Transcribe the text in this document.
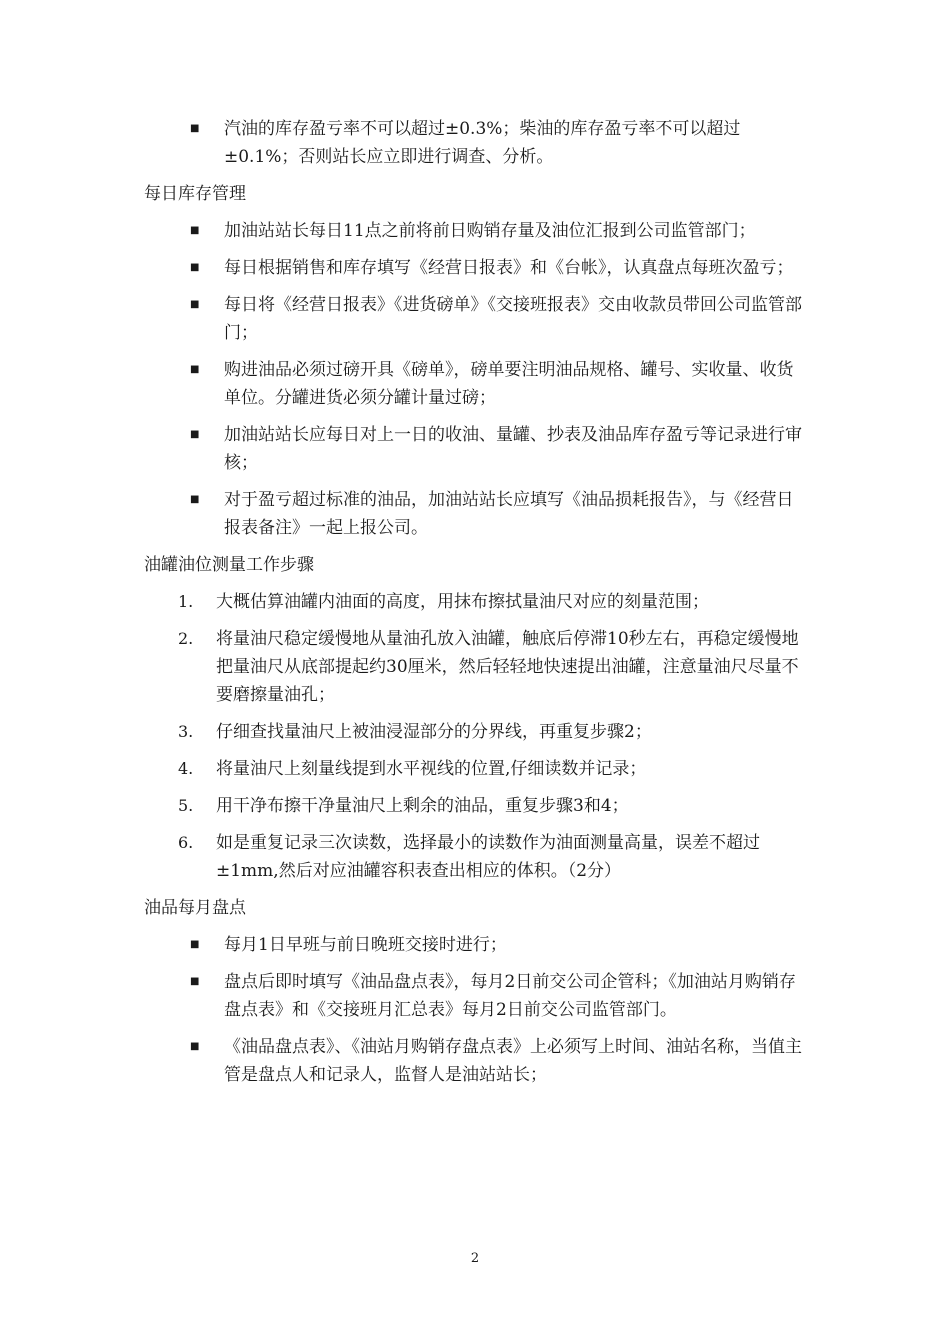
■	汽油的库存盈亏率不可以超过±0.3%；柴油的库存盈亏率不可以超过±0.1%；否则站长应立即进行调查、分析。
每日库存管理
■	加油站站长每日11点之前将前日购销存量及油位汇报到公司监管部门；
■	每日根据销售和库存填写《经营日报表》和《台帐》，认真盘点每班次盈亏；
■	每日将《经营日报表》《进货磅单》《交接班报表》交由收款员带回公司监管部门；
■	购进油品必须过磅开具《磅单》，磅单要注明油品规格、罐号、实收量、收货单位。分罐进货必须分罐计量过磅；
■	加油站站长应每日对上一日的收油、量罐、抄表及油品库存盈亏等记录进行审核；
■	对于盈亏超过标准的油品，加油站站长应填写《油品损耗报告》，与《经营日报表备注》一起上报公司。
油罐油位测量工作步骤
1.	大概估算油罐内油面的高度，用抹布擦拭量油尺对应的刻量范围；
2.	将量油尺稳定缓慢地从量油孔放入油罐，触底后停滞10秒左右，再稳定缓慢地把量油尺从底部提起约30厘米，然后轻轻地快速提出油罐，注意量油尺尽量不要磨擦量油孔；
3.	仔细查找量油尺上被油浸湿部分的分界线，再重复步骤2；
4.	将量油尺上刻量线提到水平视线的位置,仔细读数并记录；
5.	用干净布擦干净量油尺上剩余的油品，重复步骤3和4；
6.	如是重复记录三次读数，选择最小的读数作为油面测量高量，误差不超过±1mm,然后对应油罐容积表查出相应的体积。（2分）
油品每月盘点
■	每月1日早班与前日晚班交接时进行；
■	盘点后即时填写《油品盘点表》，每月2日前交公司企管科；《加油站月购销存盘点表》和《交接班月汇总表》每月2日前交公司监管部门。
■	《油品盘点表》、《油站月购销存盘点表》上必须写上时间、油站名称，当值主管是盘点人和记录人，监督人是油站站长；
2
